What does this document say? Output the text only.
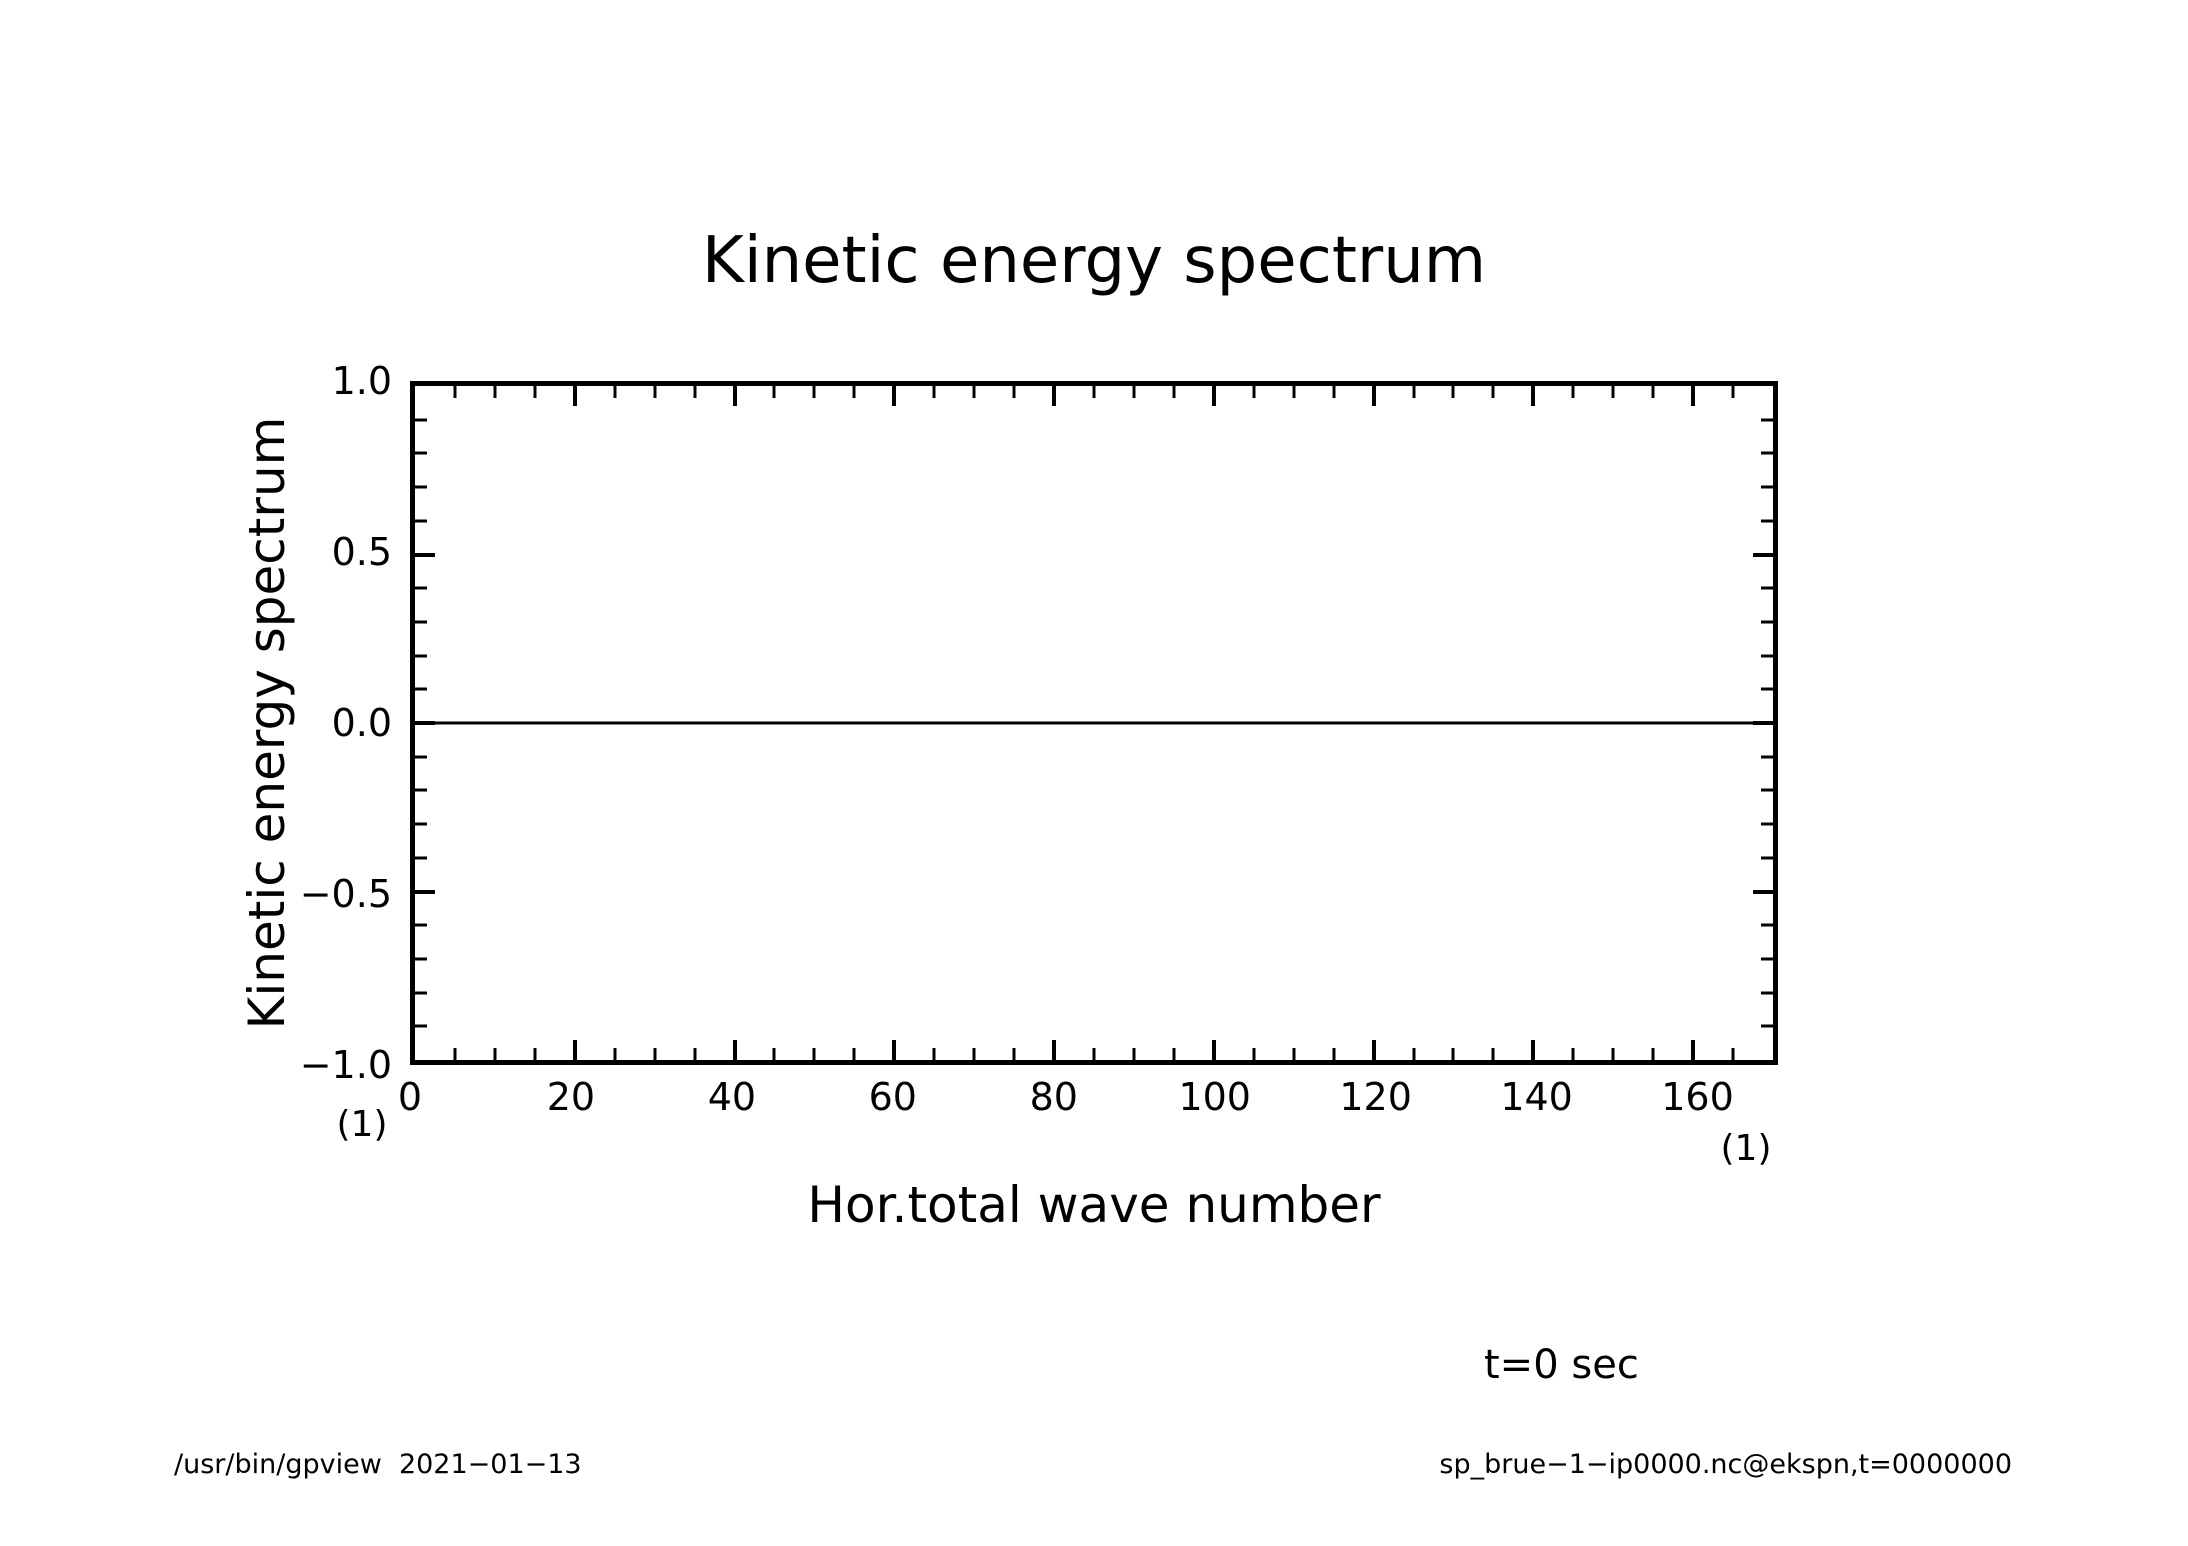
Kinetic energy spectrum
Kinetic energy spectrum
1.0
0.5
0.0
−0.5
−1.0
0	20	40	60	80	100 120 140 160
(1)
(1)
Hor.total wave number
t=0 sec
/usr/bin/gpview  2021−01−13	sp_brue−1−ip0000.nc@ekspn,t=0000000
